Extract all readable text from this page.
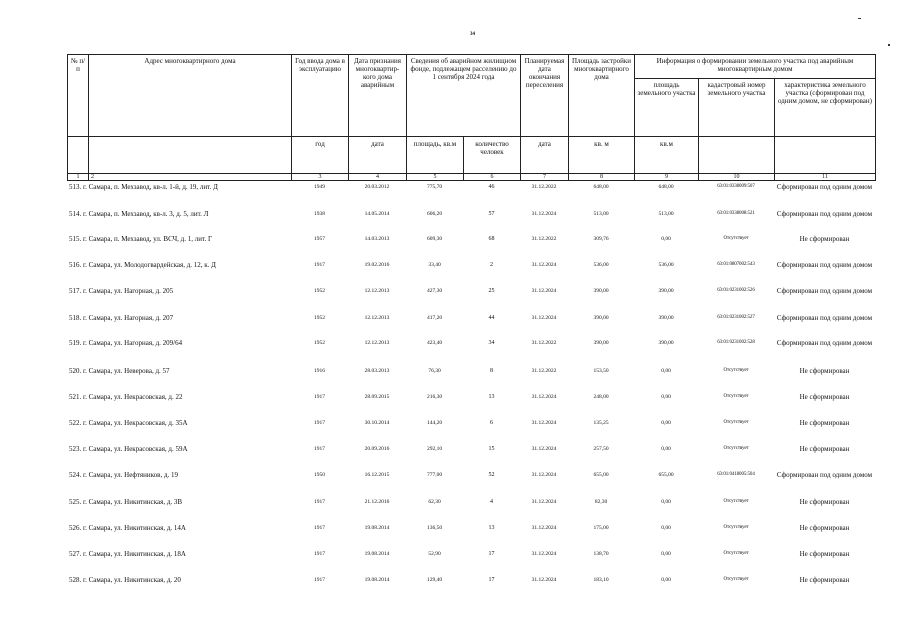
34
№ п/п	Адрес многоквартирного дома	Год ввода дома в эксплуатацию	Дата признания многоквартир-кого дома аварийным	Сведения об аварийном жилищном фонде, подлежащем расселению до 1 сентября 2024 года		Планируемая дата окончания переселения	Площадь застройки многоквартирного дома	Информация о формировании земельного участка под аварийным многоквартирным домом		
								площадь земельного участка	кадастровый номер земельного участка	характеристика земельного участка (сформирован под одним домом, не сформирован)
		год	дата	площадь, кв.м	количество человек	дата	кв. м	кв.м		
1	2	3	4	5	6	7	8	9	10	11
513. г. Самара, п. Мехзавод, кв-л. 1-й, д. 19, лит. Д	1949	20.03.2012	775,70	46	31.12.2022	648,00	648,00	63:01:0338009:507	Сформирован под одним домом
514. г. Самара, п. Мехзавод, кв-л. 3, д. 5, лит. Л	1938	14.05.2014	606,20	57	31.12.2024	513,00	513,00	63:01:0338008:521	Сформирован под одним домом
515. г. Самара, п. Мехзавод, ул. ВСЧ, д. 1, лит. Г	1957	14.03.2013	609,30	68	31.12.2022	309,76	0,00	Отсутствует	Не сформирован
516. г. Самара, ул. Молодогвардейская, д. 12, к. Д	1917	19.02.2016	33,40	2	31.12.2024	536,00	536,00	63:01:0807002:543	Сформирован под одним домом
517. г. Самара, ул. Нагорная, д. 205	1952	12.12.2013	427,30	25	31.12.2024	390,00	390,00	63:01:0231002:526	Сформирован под одним домом
518. г. Самара, ул. Нагорная, д. 207	1952	12.12.2013	417,20	44	31.12.2024	390,00	390,00	63:01:0231002:527	Сформирован под одним домом
519. г. Самара, ул. Нагорная, д. 209/64	1952	12.12.2013	423,40	34	31.12.2022	390,00	390,00	63:01:0231002:528	Сформирован под одним домом
520. г. Самара, ул. Неверова, д. 57	1916	28.03.2013	76,30	8	31.12.2022	153,50	0,00	Отсутствует	Не сформирован
521. г. Самара, ул. Некрасовская, д. 22	1917	28.09.2015	216,30	13	31.12.2024	248,00	0,00	Отсутствует	Не сформирован
522. г. Самара, ул. Некрасовская, д. 35А	1917	30.10.2014	144,20	6	31.12.2024	135,25	0,00	Отсутствует	Не сформирован
523. г. Самара, ул. Некрасовская, д. 59А	1917	20.09.2016	292,10	15	31.12.2024	257,50	0,00	Отсутствует	Не сформирован
524. г. Самара, ул. Нефтяников, д. 19	1950	16.12.2015	777,00	52	31.12.2024	655,00	655,00	63:01:0418005:504	Сформирован под одним домом
525. г. Самара, ул. Никитинская, д. 3В	1917	21.12.2016	62,30	4	31.12.2024	82,30	0,00	Отсутствует	Не сформирован
526. г. Самара, ул. Никитинская, д. 14А	1917	19.08.2014	136,50	13	31.12.2024	175,00	0,00	Отсутствует	Не сформирован
527. г. Самара, ул. Никитинская, д. 18А	1917	19.08.2014	52,90	17	31.12.2024	138,70	0,00	Отсутствует	Не сформирован
528. г. Самара, ул. Никитинская, д. 20	1917	19.08.2014	129,40	17	31.12.2024	183,10	0,00	Отсутствует	Не сформирован
